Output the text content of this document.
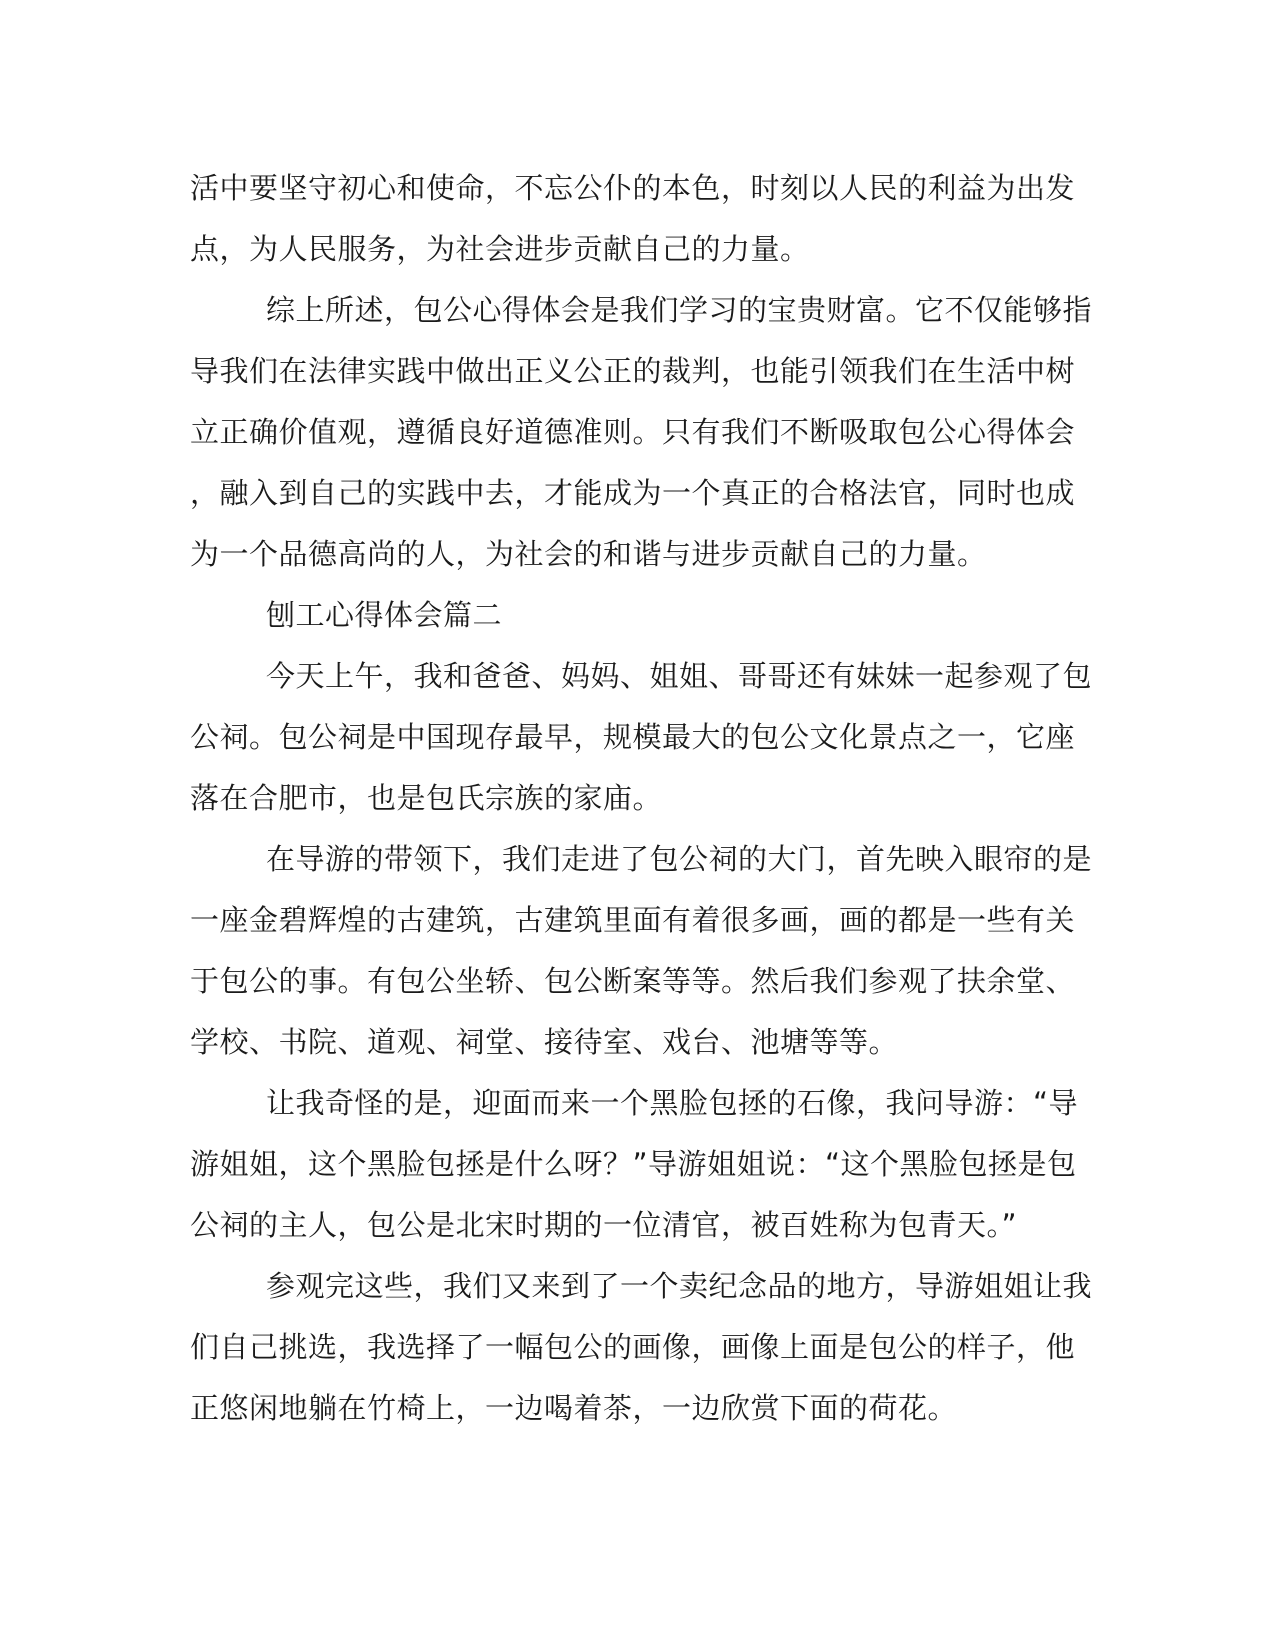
活中要坚守初心和使命，不忘公仆的本色，时刻以人民的利益为出发
点，为人民服务，为社会进步贡献自己的力量。
综上所述，包公心得体会是我们学习的宝贵财富。它不仅能够指
导我们在法律实践中做出正义公正的裁判，也能引领我们在生活中树
立正确价值观，遵循良好道德准则。只有我们不断吸取包公心得体会
，融入到自己的实践中去，才能成为一个真正的合格法官，同时也成
为一个品德高尚的人，为社会的和谐与进步贡献自己的力量。
刨工心得体会篇二
今天上午，我和爸爸、妈妈、姐姐、哥哥还有妹妹一起参观了包
公祠。包公祠是中国现存最早，规模最大的包公文化景点之一，它座
落在合肥市，也是包氏宗族的家庙。
在导游的带领下，我们走进了包公祠的大门，首先映入眼帘的是
一座金碧辉煌的古建筑，古建筑里面有着很多画，画的都是一些有关
于包公的事。有包公坐轿、包公断案等等。然后我们参观了扶余堂、
学校、书院、道观、祠堂、接待室、戏台、池塘等等。
让我奇怪的是，迎面而来一个黑脸包拯的石像，我问导游：“导
游姐姐，这个黑脸包拯是什么呀？”导游姐姐说：“这个黑脸包拯是包
公祠的主人，包公是北宋时期的一位清官，被百姓称为包青天。”
参观完这些，我们又来到了一个卖纪念品的地方，导游姐姐让我
们自己挑选，我选择了一幅包公的画像，画像上面是包公的样子，他
正悠闲地躺在竹椅上，一边喝着茶，一边欣赏下面的荷花。
